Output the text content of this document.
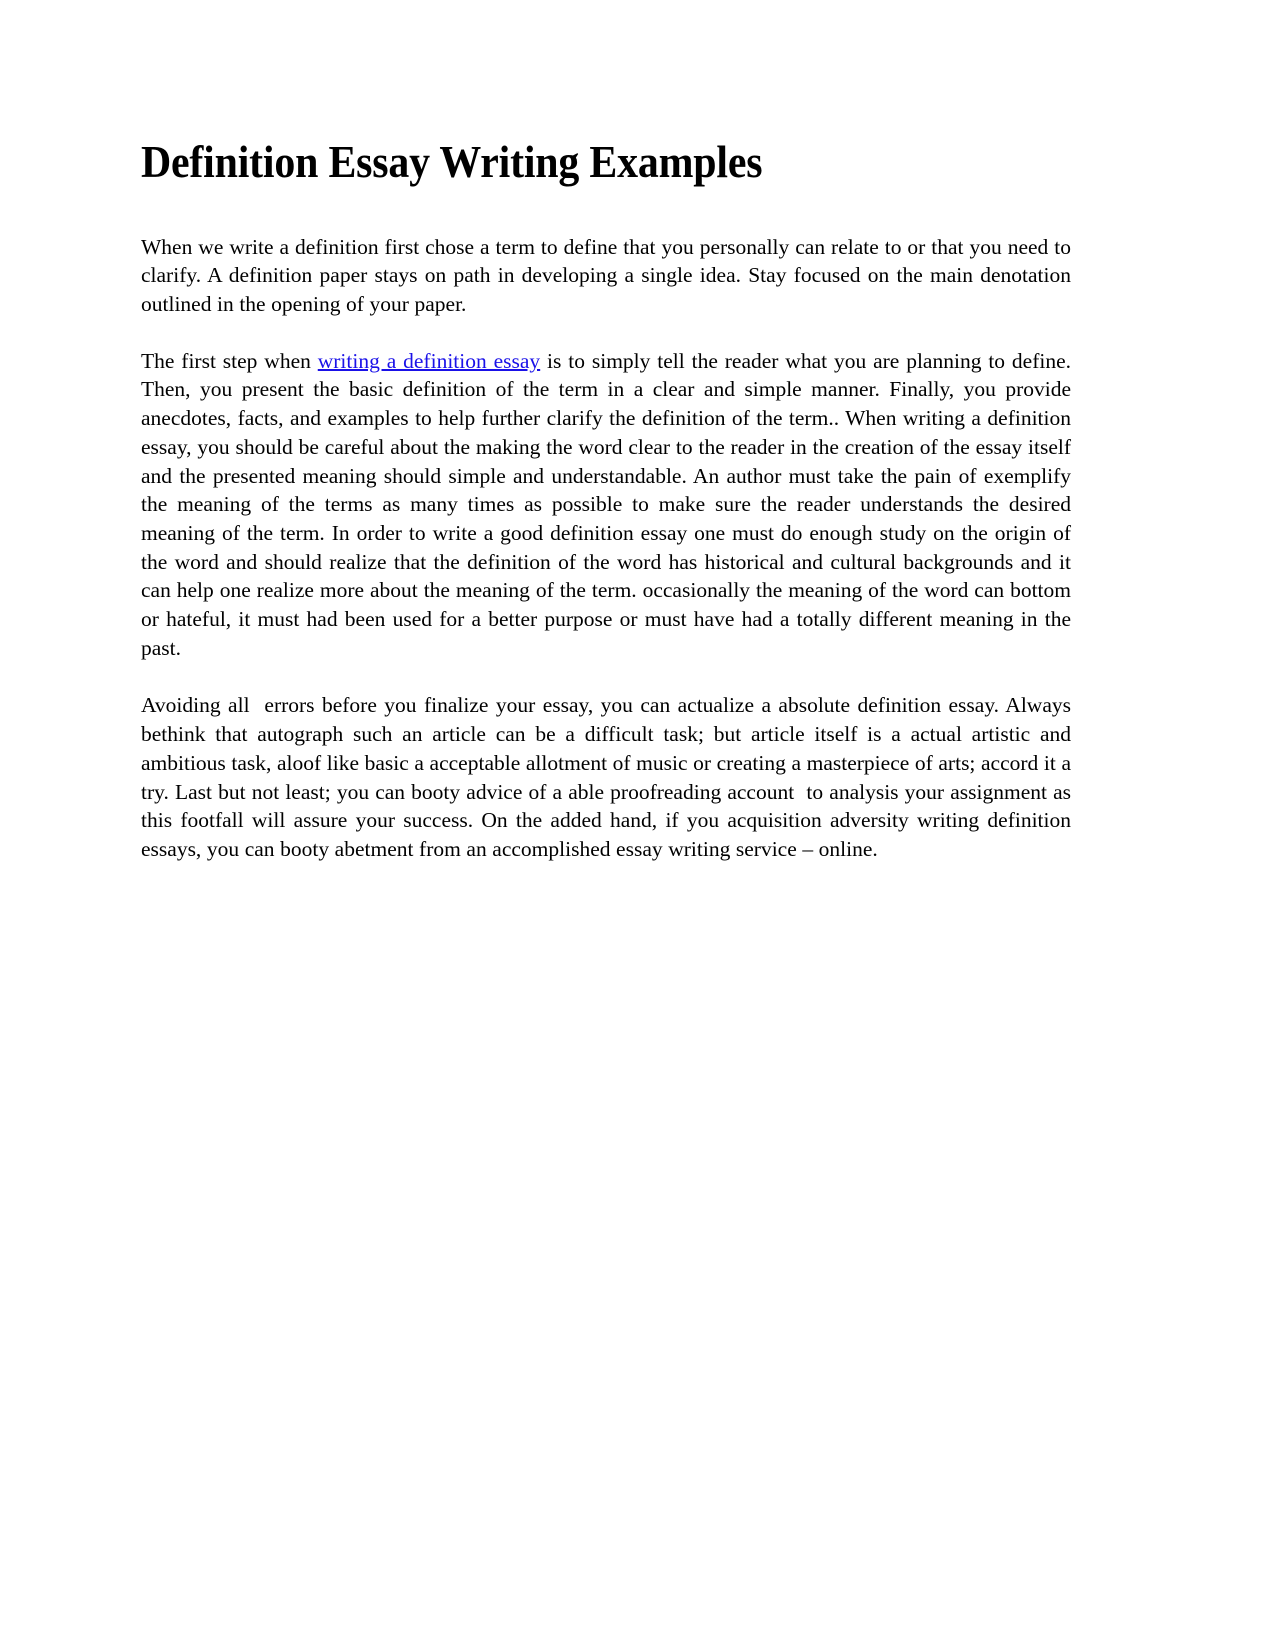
Definition Essay Writing Examples

When we write a definition first chose a term to define that you personally can relate to or that you need to clarify. A definition paper stays on path in developing a single idea. Stay focused on the main denotation outlined in the opening of your paper.

The first step when writing a definition essay is to simply tell the reader what you are planning to define. Then, you present the basic definition of the term in a clear and simple manner. Finally, you provide anecdotes, facts, and examples to help further clarify the definition of the term.. When writing a definition essay, you should be careful about the making the word clear to the reader in the creation of the essay itself and the presented meaning should simple and understandable. An author must take the pain of exemplify the meaning of the terms as many times as possible to make sure the reader understands the desired meaning of the term. In order to write a good definition essay one must do enough study on the origin of the word and should realize that the definition of the word has historical and cultural backgrounds and it can help one realize more about the meaning of the term. occasionally the meaning of the word can bottom or hateful, it must had been used for a better purpose or must have had a totally different meaning in the past.

Avoiding all  errors before you finalize your essay, you can actualize a absolute definition essay. Always bethink that autograph such an article can be a difficult task; but article itself is a actual artistic and ambitious task, aloof like basic a acceptable allotment of music or creating a masterpiece of arts; accord it a try. Last but not least; you can booty advice of a able proofreading account  to analysis your assignment as this footfall will assure your success. On the added hand, if you acquisition adversity writing definition essays, you can booty abetment from an accomplished essay writing service – online.
